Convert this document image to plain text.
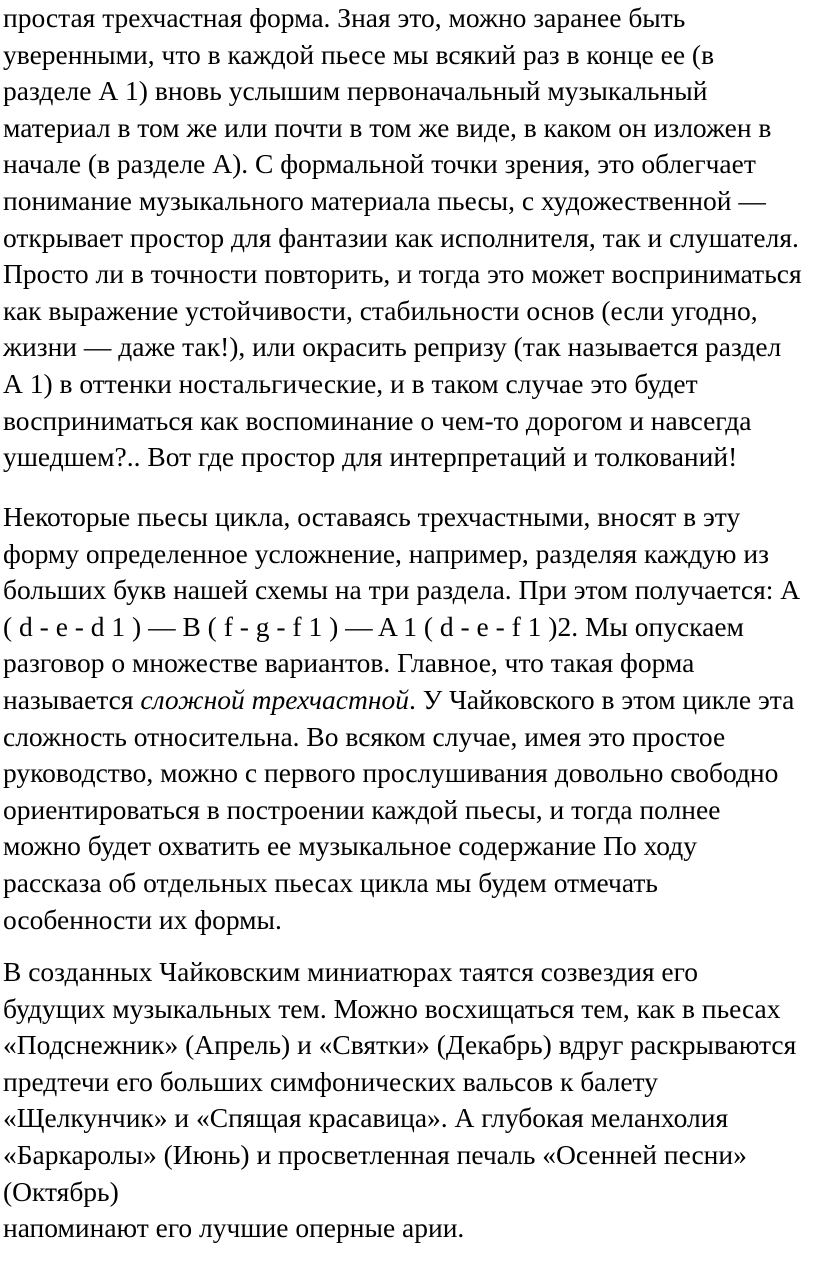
простая трехчастная форма. Зная это, можно заранее быть
уверенными, что в каждой пьесе мы всякий раз в конце ее (в
разделе А 1) вновь услышим первоначальный музыкальный
материал в том же или почти в том же виде, в каком он изложен в
начале (в разделе А). С формальной точки зрения, это облегчает
понимание музыкального материала пьесы, с художественной —
открывает простор для фантазии как исполнителя, так и слушателя.
Просто ли в точности повторить, и тогда это может восприниматься
как выражение устойчивости, стабильности основ (если угодно,
жизни — даже так!), или окрасить репризу (так называется раздел
А 1) в оттенки ностальгические, и в таком случае это будет
восприниматься как воспоминание о чем-то дорогом и навсегда
ушедшем?.. Вот где простор для интерпретаций и толкований!

Некоторые пьесы цикла, оставаясь трехчастными, вносят в эту
форму определенное усложнение, например, разделяя каждую из
больших букв нашей схемы на три раздела. При этом получается: А
( d - e - d 1 ) — B ( f - g - f 1 ) — A 1 ( d - e - f 1 )2. Мы опускаем
разговор о множестве вариантов. Главное, что такая форма
называется сложной трехчастной. У Чайковского в этом цикле эта
сложность относительна. Во всяком случае, имея это простое
руководство, можно с первого прослушивания довольно свободно
ориентироваться в построении каждой пьесы, и тогда полнее
можно будет охватить ее музыкальное содержание По ходу
рассказа об отдельных пьесах цикла мы будем отмечать
особенности их формы.

В созданных Чайковским миниатюрах таятся созвездия его
будущих музыкальных тем. Можно восхищаться тем, как в пьесах
«Подснежник» (Апрель) и «Святки» (Декабрь) вдруг раскрываются
предтечи его больших симфонических вальсов к балету
«Щелкунчик» и «Спящая красавица». А глубокая меланхолия
«Баркаролы» (Июнь) и просветленная печаль «Осенней песни»
(Октябрь)
напоминают его лучшие оперные арии.
